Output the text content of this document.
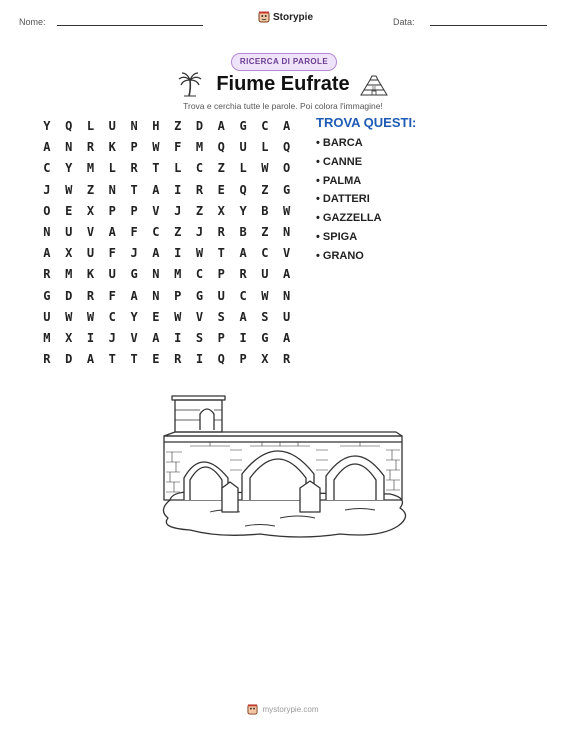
Nome:	Storypie	Data:
RICERCA DI PAROLE
Fiume Eufrate
Trova e cerchia tutte le parole. Poi colora l'immagine!
Y	Q	L	U	N	H	Z	D	A	G	C	A
A	N	R	K	P	W	F	M	Q	U	L	Q
C	Y	M	L	R	T	L	C	Z	L	W	O
J	W	Z	N	T	A	I	R	E	Q	Z	G
O	E	X	P	P	V	J	Z	X	Y	B	W
N	U	V	A	F	C	Z	J	R	B	Z	N
A	X	U	F	J	A	I	W	T	A	C	V
R	M	K	U	G	N	M	C	P	R	U	A
G	D	R	F	A	N	P	G	U	C	W	N
U	W	W	C	Y	E	W	V	S	A	S	U
M	X	I	J	V	A	I	S	P	I	G	A
R	D	A	T	T	E	R	I	Q	P	X	R
TROVA QUESTI:
• BARCA
• CANNE
• PALMA
• DATTERI
• GAZZELLA
• SPIGA
• GRANO
mystorypie.com
